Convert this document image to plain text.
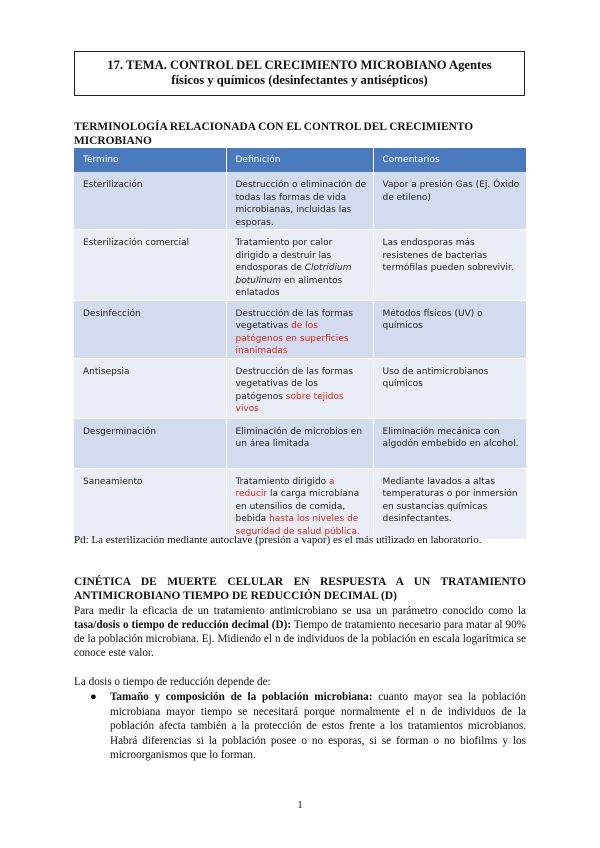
17. TEMA. CONTROL DEL CRECIMIENTO MICROBIANO Agentes
físicos y químicos (desinfectantes y antisépticos)
TERMINOLOGÍA RELACIONADA CON EL CONTROL DEL CRECIMIENTO MICROBIANO
Término	Definición	Comentarios
Esterilización	Destrucción o eliminación de todas las formas de vida microbianas, incluidas las esporas.	Vapor a presión Gas (Ej. Óxido de etileno)
Esterilización comercial	Tratamiento por calor dirigido a destruir las endosporas de Clotridium botulinum en alimentos enlatados	Las endosporas más resistenes de bacterias termófilas pueden sobrevivir.
Desinfección	Destrucción de las formas vegetativas de los patógenos en superficies inanimadas	Métodos físicos (UV) o químicos
Antisepsia	Destrucción de las formas vegetativas de los patógenos sobre tejidos vivos	Uso de antimicrobianos químicos
Desgerminación	Eliminación de microbios en un área limitada	Eliminación mecánica con algodón embebido en alcohol.
Saneamiento	Tratamiento dirigido a reducir la carga microbiana en utensilios de comida, bebida hasta los niveles de seguridad de salud pública.	Mediante lavados a altas temperaturas o por inmersión en sustancias químicas desinfectantes.
Pd: La esterilización mediante autoclave (presión a vapor) es el más utilizado en laboratorio.
CINÉTICA DE MUERTE CELULAR EN RESPUESTA A UN TRATAMIENTO ANTIMICROBIANO TIEMPO DE REDUCCIÓN DECIMAL (D)
Para medir la eficacia de un tratamiento antimicrobiano se usa un parámetro conocido como la tasa/dosis o tiempo de reducción decimal (D): Tiempo de tratamiento necesario para matar al 90% de la población microbiana. Ej. Midiendo el n de individuos de la población en escala logarítmica se conoce este valor.
La dosis o tiempo de reducción depende de:
● Tamaño y composición de la población microbiana: cuanto mayor sea la población microbiana mayor tiempo se necesitará porque normalmente el n de individuos de la población afecta también a la protección de estos frente a los tratamientos microbianos. Habrá diferencias si la población posee o no esporas, si se forman o no biofilms y los microorganismos que lo forman.
1
